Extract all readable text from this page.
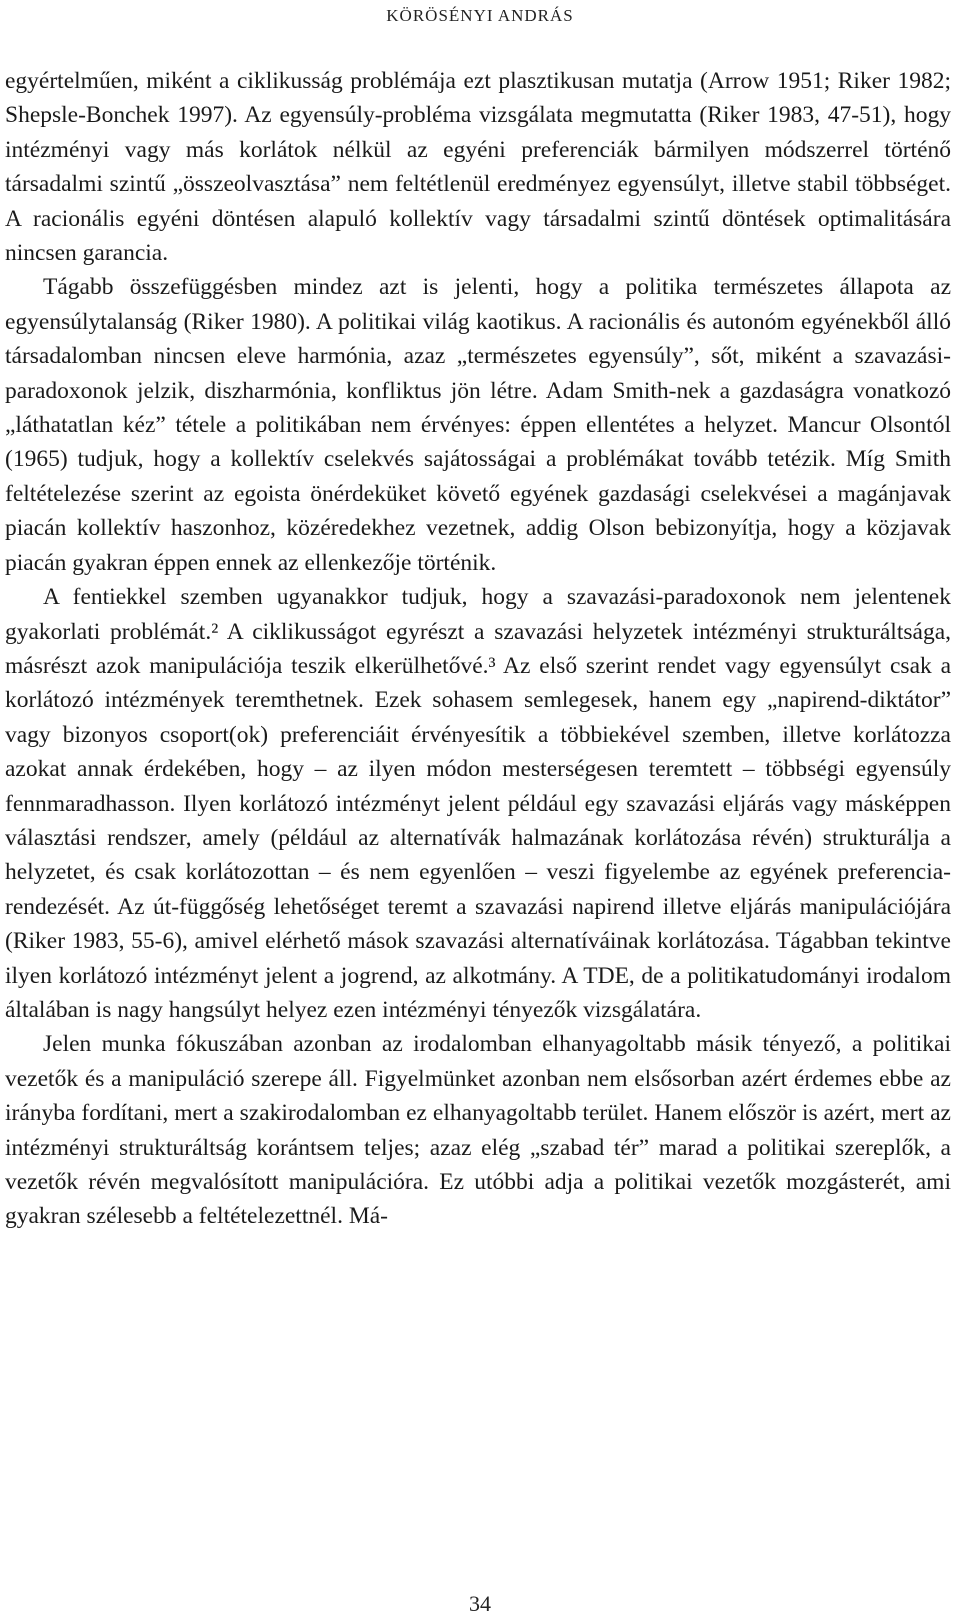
KÖRÖSÉNYI ANDRÁS

egyértelműen, miként a ciklikusság problémája ezt plasztikusan mutatja (Arrow 1951; Riker 1982; Shepsle-Bonchek 1997). Az egyensúly-probléma vizsgálata megmutatta (Riker 1983, 47-51), hogy intézményi vagy más korlátok nélkül az egyéni preferenciák bármilyen módszerrel történő társadalmi szintű „összeolvasztása” nem feltétlenül eredményez egyensúlyt, illetve stabil többséget. A racionális egyéni döntésen alapuló kollektív vagy társadalmi szintű döntések optimalitására nincsen garancia.

Tágabb összefüggésben mindez azt is jelenti, hogy a politika természetes állapota az egyensúlytalanság (Riker 1980). A politikai világ kaotikus. A racionális és autonóm egyénekből álló társadalomban nincsen eleve harmónia, azaz „természetes egyensúly”, sőt, miként a szavazási-paradoxonok jelzik, diszharmónia, konfliktus jön létre. Adam Smith-nek a gazdaságra vonatkozó „láthatatlan kéz” tétele a politikában nem érvényes: éppen ellentétes a helyzet. Mancur Olsontól (1965) tudjuk, hogy a kollektív cselekvés sajátosságai a problémákat tovább tetézik. Míg Smith feltételezése szerint az egoista önérdeküket követő egyének gazdasági cselekvései a magánjavak piacán kollektív haszonhoz, közéredekhez vezetnek, addig Olson bebizonyítja, hogy a közjavak piacán gyakran éppen ennek az ellenkezője történik.

A fentiekkel szemben ugyanakkor tudjuk, hogy a szavazási-paradoxonok nem jelentenek gyakorlati problémát.² A ciklikusságot egyrészt a szavazási helyzetek intézményi strukturáltsága, másrészt azok manipulációja teszik elkerülhetővé.³ Az első szerint rendet vagy egyensúlyt csak a korlátozó intézmények teremthetnek. Ezek sohasem semlegesek, hanem egy „napirend-diktátor” vagy bizonyos csoport(ok) preferenciáit érvényesítik a többiekével szemben, illetve korlátozza azokat annak érdekében, hogy – az ilyen módon mesterségesen teremtett – többségi egyensúly fennmaradhasson. Ilyen korlátozó intézményt jelent például egy szavazási eljárás vagy másképpen választási rendszer, amely (például az alternatívák halmazának korlátozása révén) strukturálja a helyzetet, és csak korlátozottan – és nem egyenlően – veszi figyelembe az egyének preferencia-rendezését. Az út-függőség lehetőséget teremt a szavazási napirend illetve eljárás manipulációjára (Riker 1983, 55-6), amivel elérhető mások szavazási alternatíváinak korlátozása. Tágabban tekintve ilyen korlátozó intézményt jelent a jogrend, az alkotmány. A TDE, de a politikatudományi irodalom általában is nagy hangsúlyt helyez ezen intézményi tényezők vizsgálatára.

Jelen munka fókuszában azonban az irodalomban elhanyagoltabb másik tényező, a politikai vezetők és a manipuláció szerepe áll. Figyelmünket azonban nem elsősorban azért érdemes ebbe az irányba fordítani, mert a szakirodalomban ez elhanyagoltabb terület. Hanem először is azért, mert az intézményi strukturáltság korántsem teljes; azaz elég „szabad tér” marad a politikai szereplők, a vezetők révén megvalósított manipulációra. Ez utóbbi adja a politikai vezetők mozgásterét, ami gyakran szélesebb a feltételezettnél. Má-

34
